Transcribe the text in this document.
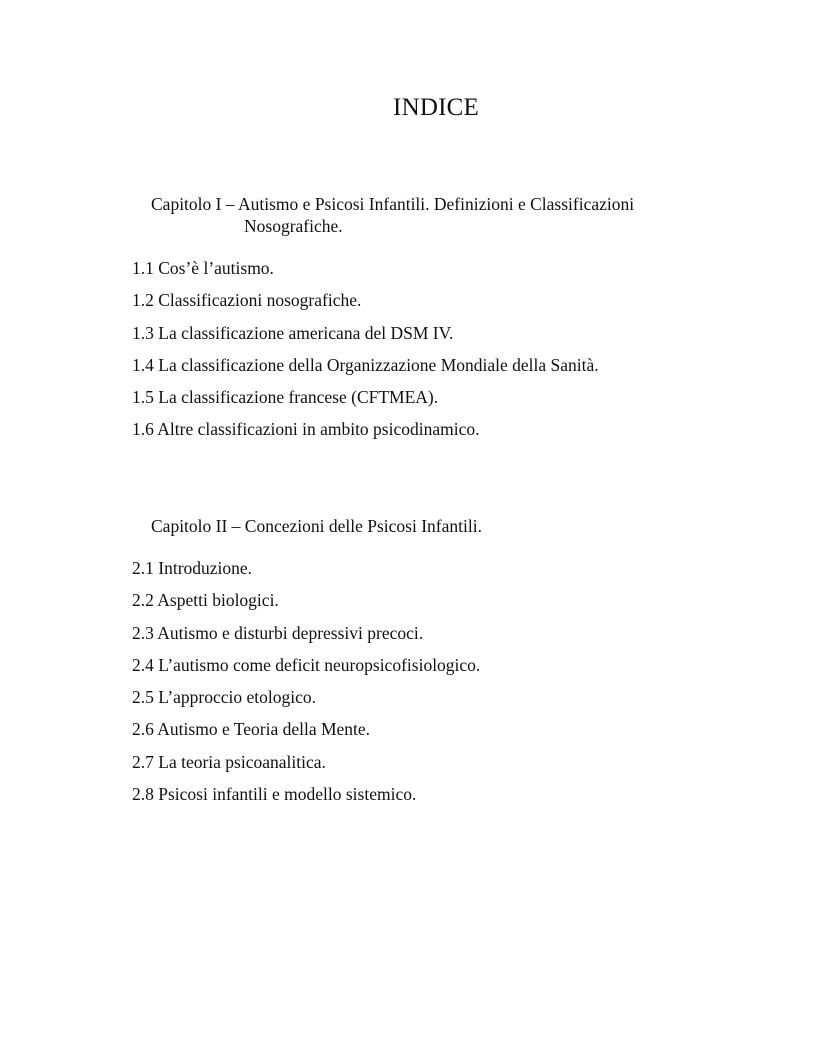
INDICE
Capitolo I – Autismo e Psicosi Infantili. Definizioni e Classificazioni
Nosografiche.
1.1 Cos’è l’autismo.
1.2 Classificazioni nosografiche.
1.3 La classificazione americana del DSM IV.
1.4 La classificazione della Organizzazione Mondiale della Sanità.
1.5 La classificazione francese (CFTMEA).
1.6 Altre classificazioni in ambito psicodinamico.
Capitolo II – Concezioni delle Psicosi Infantili.
2.1 Introduzione.
2.2 Aspetti biologici.
2.3 Autismo e disturbi depressivi precoci.
2.4 L’autismo come deficit neuropsicofisiologico.
2.5 L’approccio etologico.
2.6 Autismo e Teoria della Mente.
2.7 La teoria psicoanalitica.
2.8 Psicosi infantili e modello sistemico.
